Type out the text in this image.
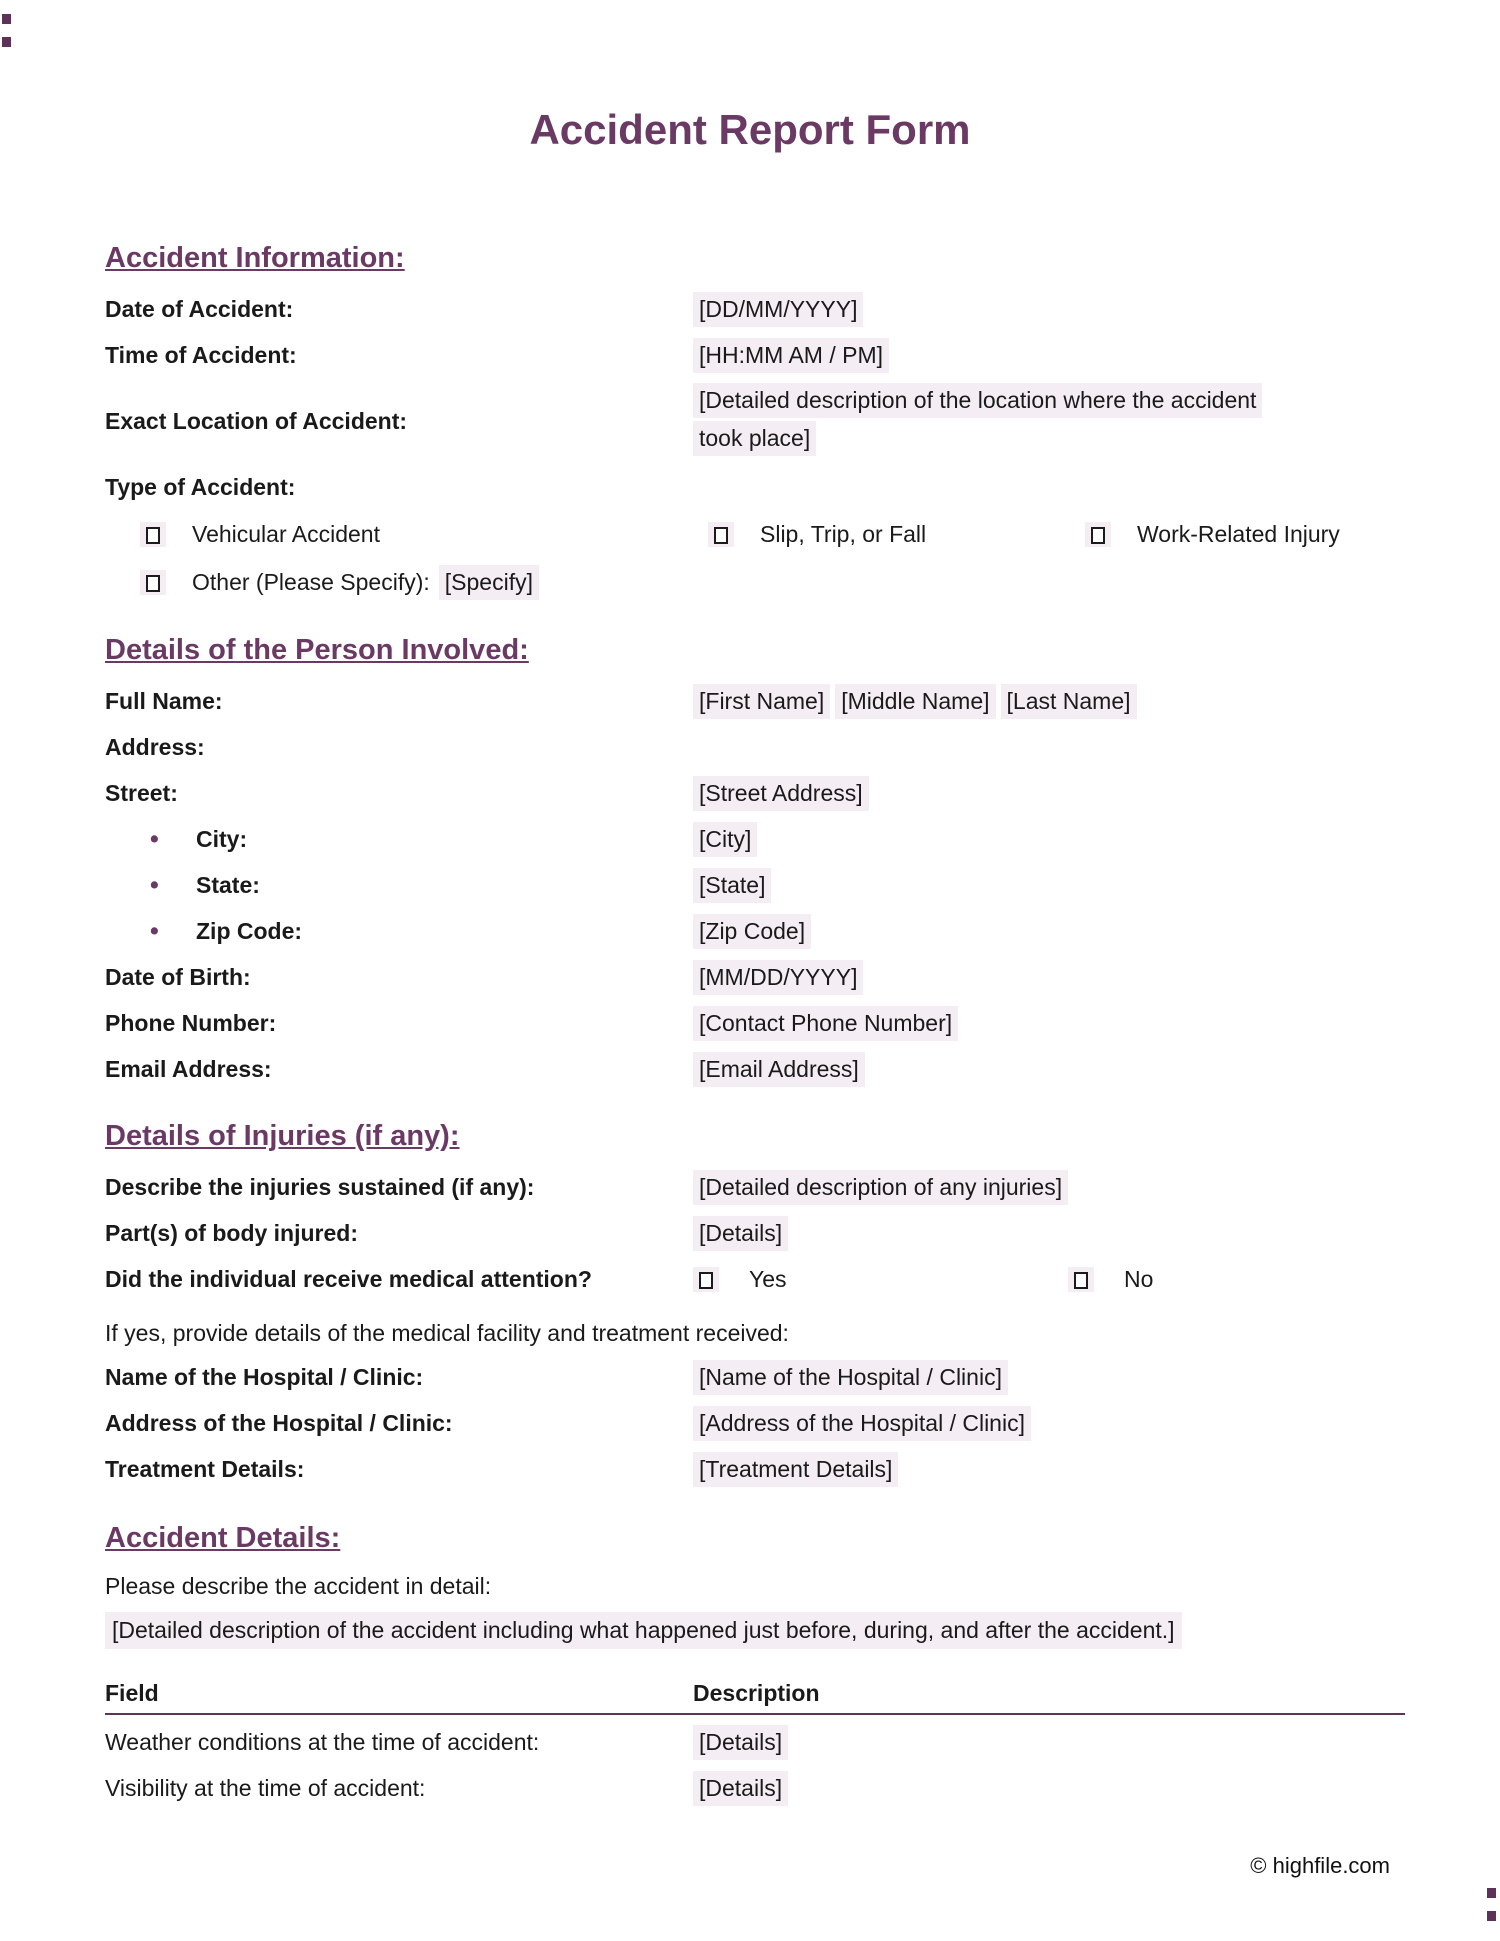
Accident Report Form
Accident Information:
Date of Accident:	[DD/MM/YYYY]
Time of Accident:	[HH:MM AM / PM]
Exact Location of Accident:
[Detailed description of the location where the accident
took place]
Type of Accident:
Vehicular Accident	Slip, Trip, or Fall	Work-Related Injury
Other (Please Specify): [Specify]
Details of the Person Involved:
Full Name:	[First Name] [Middle Name] [Last Name]
Address:
Street:	[Street Address]
•	City:	[City]
•	State:	[State]
•	Zip Code:	[Zip Code]
Date of Birth:	[MM/DD/YYYY]
Phone Number:	[Contact Phone Number]
Email Address:	[Email Address]
Details of Injuries (if any):
Describe the injuries sustained (if any):	[Detailed description of any injuries]
Part(s) of body injured:	[Details]
Did the individual receive medical attention?	Yes	No
If yes, provide details of the medical facility and treatment received:
Name of the Hospital / Clinic:	[Name of the Hospital / Clinic]
Address of the Hospital / Clinic:	[Address of the Hospital / Clinic]
Treatment Details:	[Treatment Details]
Accident Details:
Please describe the accident in detail:
[Detailed description of the accident including what happened just before, during, and after the accident.]
Field	Description
Weather conditions at the time of accident:	[Details]
Visibility at the time of accident:	[Details]
© highfile.com
